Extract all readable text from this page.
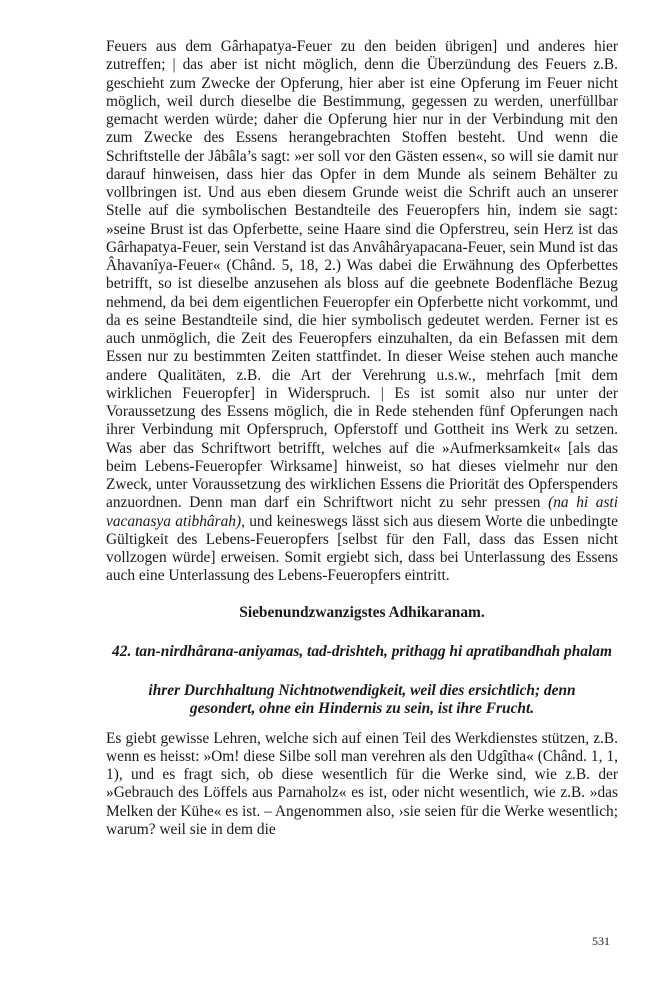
Feuers aus dem Gârhapatya-Feuer zu den beiden übrigen] und anderes hier zutreffen; | das aber ist nicht möglich, denn die Überzündung des Feuers z.B. geschieht zum Zwecke der Opferung, hier aber ist eine Opferung im Feuer nicht möglich, weil durch dieselbe die Bestimmung, gegessen zu werden, unerfüllbar gemacht werden würde; daher die Opferung hier nur in der Verbindung mit den zum Zwecke des Essens herangebrachten Stoffen besteht. Und wenn die Schriftstelle der Jâbâla’s sagt: »er soll vor den Gästen essen«, so will sie damit nur darauf hinweisen, dass hier das Opfer in dem Munde als seinem Behälter zu vollbringen ist. Und aus eben diesem Grunde weist die Schrift auch an unserer Stelle auf die symbolischen Bestandteile des Feueropfers hin, indem sie sagt: »seine Brust ist das Opferbette, seine Haare sind die Opferstreu, sein Herz ist das Gârhapatya-Feuer, sein Verstand ist das Anvâhâryapacana-Feuer, sein Mund ist das Âhavanîya-Feuer« (Chând. 5, 18, 2.) Was dabei die Erwähnung des Opferbettes betrifft, so ist dieselbe anzusehen als bloss auf die geebnete Bodenfläche Bezug nehmend, da bei dem eigentlichen Feueropfer ein Opferbette nicht vorkommt, und da es seine Bestandteile sind, die hier symbolisch gedeutet werden. Ferner ist es auch unmöglich, die Zeit des Feueropfers einzuhalten, da ein Befassen mit dem Essen nur zu bestimmten Zeiten stattfindet. In dieser Weise stehen auch manche andere Qualitäten, z.B. die Art der Verehrung u.s.w., mehrfach [mit dem wirklichen Feueropfer] in Widerspruch. | Es ist somit also nur unter der Voraussetzung des Essens möglich, die in Rede stehenden fünf Opferungen nach ihrer Verbindung mit Opferspruch, Opferstoff und Gottheit ins Werk zu setzen. Was aber das Schriftwort betrifft, welches auf die »Aufmerksamkeit« [als das beim Lebens-Feueropfer Wirksame] hinweist, so hat dieses vielmehr nur den Zweck, unter Voraussetzung des wirklichen Essens die Priorität des Opferspenders anzuordnen. Denn man darf ein Schriftwort nicht zu sehr pressen (na hi asti vacanasya atibhârah), und keineswegs lässt sich aus diesem Worte die unbedingte Gültigkeit des Lebens-Feueropfers [selbst für den Fall, dass das Essen nicht vollzogen würde] erweisen. Somit ergiebt sich, dass bei Unterlassung des Essens auch eine Unterlassung des Lebens-Feueropfers eintritt.

Siebenundzwanzigstes Adhikaranam.

42. tan-nirdhârana-aniyamas, tad-drishteh, prithagg hi apratibandhah phalam

ihrer Durchhaltung Nichtnotwendigkeit, weil dies ersichtlich; denn gesondert, ohne ein Hindernis zu sein, ist ihre Frucht.

Es giebt gewisse Lehren, welche sich auf einen Teil des Werkdienstes stützen, z.B. wenn es heisst: »Om! diese Silbe soll man verehren als den Udgîtha« (Chând. 1, 1, 1), und es fragt sich, ob diese wesentlich für die Werke sind, wie z.B. der »Gebrauch des Löffels aus Parnaholz« es ist, oder nicht wesentlich, wie z.B. »das Melken der Kühe« es ist. – Angenommen also, ›sie seien für die Werke wesentlich; warum? weil sie in dem die

531
